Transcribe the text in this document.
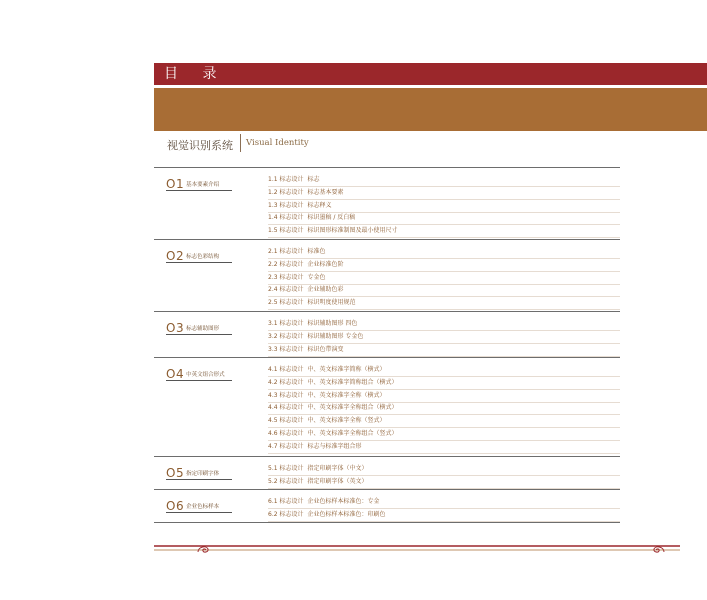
目 录
视觉识别系统 Visual Identity
O1 基本要素介绍
1.1 标志设计 标志
1.2 标志设计 标志基本要素
1.3 标志设计 标志释义
1.4 标志设计 标识墨稿 / 反白稿
1.5 标志设计 标识图形标准制图及最小使用尺寸
O2 标志色彩结构
2.1 标志设计 标准色
2.2 标志设计 企业标准色阶
2.3 标志设计 专金色
2.4 标志设计 企业辅助色彩
2.5 标志设计 标识明度使用规范
O3 标志辅助图形
3.1 标志设计 标识辅助图形 四色
3.2 标志设计 标识辅助图形 专金色
3.3 标志设计 标识色带演变
O4 中英文组合形式
4.1 标志设计 中、英文标准字简称（横式）
4.2 标志设计 中、英文标准字简称组合（横式）
4.3 标志设计 中、英文标准字全称（横式）
4.4 标志设计 中、英文标准字全称组合（横式）
4.5 标志设计 中、英文标准字全称（竖式）
4.6 标志设计 中、英文标准字全称组合（竖式）
4.7 标志设计 标志与标准字组合形
O5 指定印刷字体
5.1 标志设计 指定印刷字体（中文）
5.2 标志设计 指定印刷字体（英文）
O6 企业色标样本
6.1 标志设计 企业色标样本标准色：专金
6.2 标志设计 企业色标样本标准色：印刷色
